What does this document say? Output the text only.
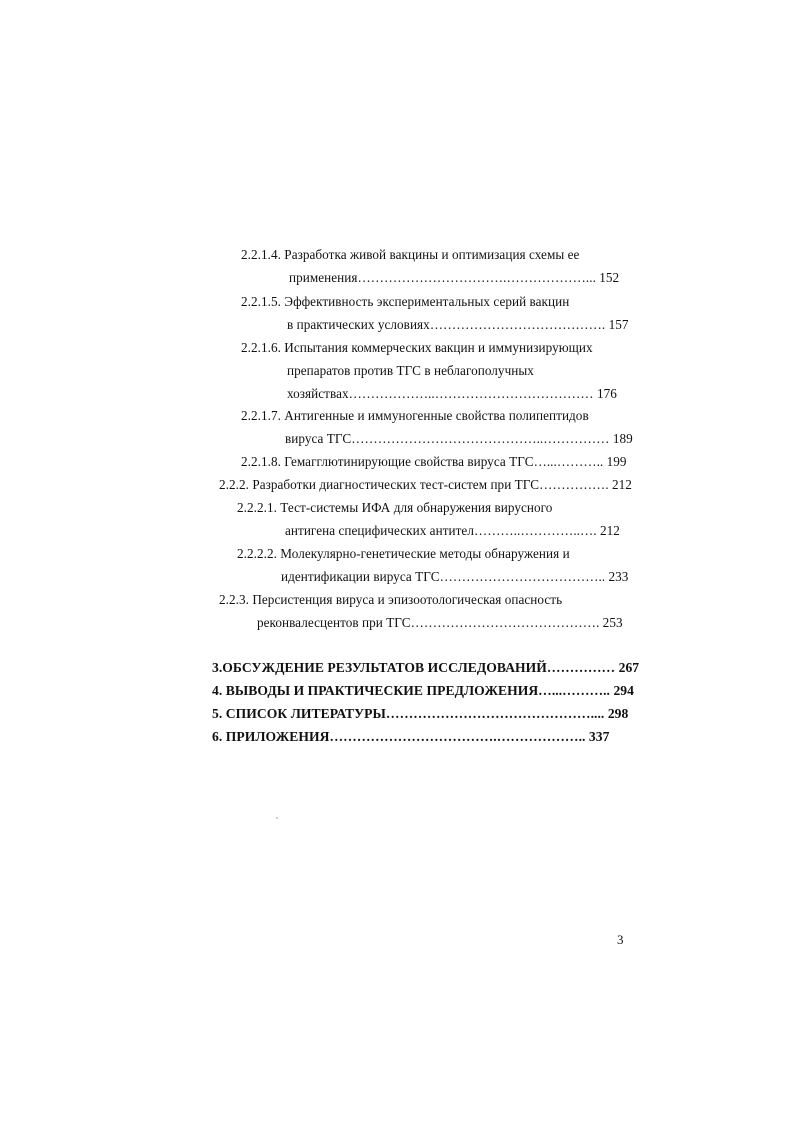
2.2.1.4. Разработка живой вакцины и оптимизация схемы ее
применения…………………………….………………... 152
2.2.1.5. Эффективность экспериментальных серий вакцин
в практических условиях…………………………………. 157
2.2.1.6. Испытания коммерческих вакцин и иммунизирующих
препаратов против ТГС в неблагополучных
хозяйствах………………..……………………………… 176
2.2.1.7. Антигенные и иммуногенные свойства полипептидов
вируса ТГС……………………………………..…………… 189
2.2.1.8. Гемагглютинирующие свойства вируса ТГС…...……….. 199
2.2.2. Разработки диагностических тест-систем при ТГС……………. 212
2.2.2.1. Тест-системы ИФА для обнаружения вирусного
антигена специфических антител………..…………..…. 212
2.2.2.2. Молекулярно-генетические методы обнаружения и
идентификации вируса ТГС……………………………….. 233
2.2.3. Персистенция вируса и эпизоотологическая опасность
реконвалесцентов при ТГС……………………………………. 253
3.ОБСУЖДЕНИЕ РЕЗУЛЬТАТОВ ИССЛЕДОВАНИЙ…………… 267
4. ВЫВОДЫ И ПРАКТИЧЕСКИЕ ПРЕДЛОЖЕНИЯ…...……….. 294
5. СПИСОК ЛИТЕРАТУРЫ……………………………………….... 298
6. ПРИЛОЖЕНИЯ……………………………….……………….. 337
3
